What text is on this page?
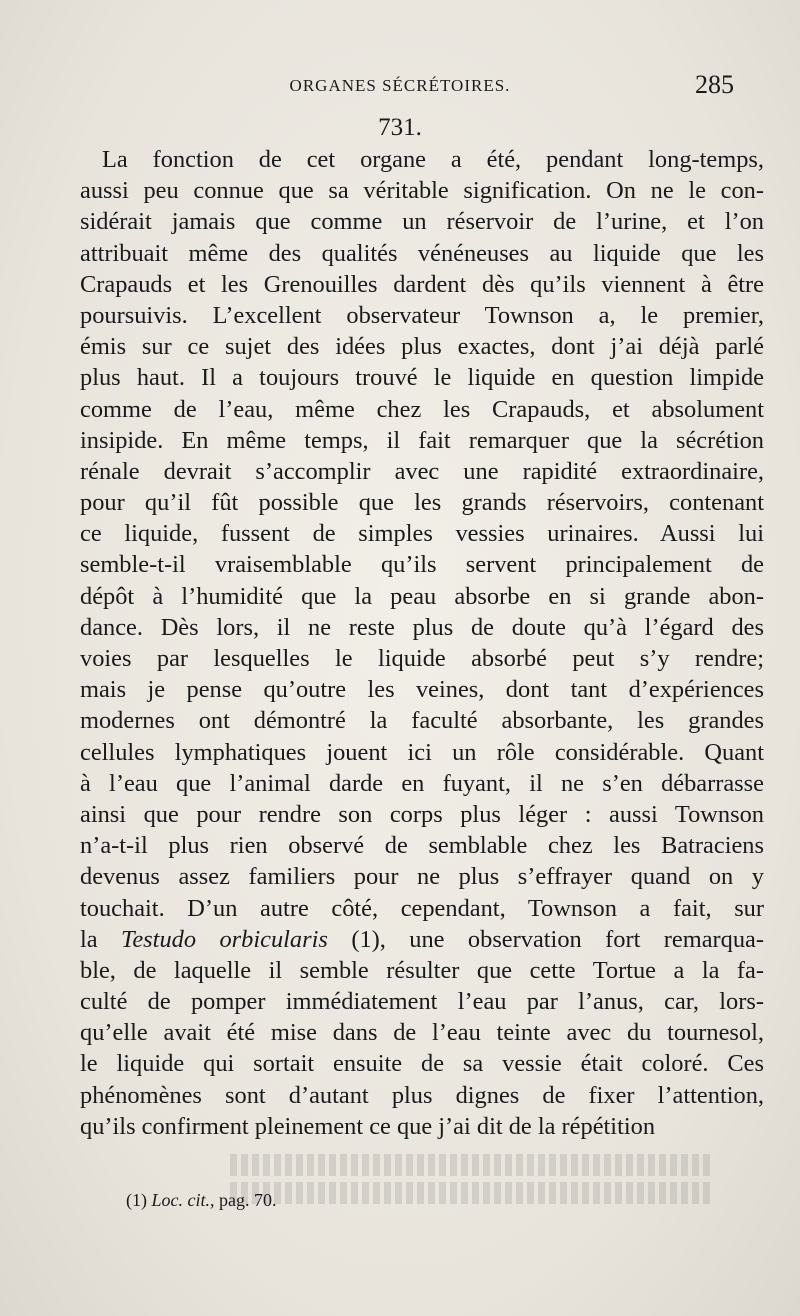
ORGANES SÉCRÉTOIRES.	285
731.
La fonction de cet organe a été, pendant long-temps,
aussi peu connue que sa véritable signification. On ne le con-
sidérait jamais que comme un réservoir de l’urine, et l’on
attribuait même des qualités vénéneuses au liquide que les
Crapauds et les Grenouilles dardent dès qu’ils viennent à être
poursuivis. L’excellent observateur Townson a, le premier,
émis sur ce sujet des idées plus exactes, dont j’ai déjà parlé
plus haut. Il a toujours trouvé le liquide en question limpide
comme de l’eau, même chez les Crapauds, et absolument
insipide. En même temps, il fait remarquer que la sécrétion
rénale devrait s’accomplir avec une rapidité extraordinaire,
pour qu’il fût possible que les grands réservoirs, contenant
ce liquide, fussent de simples vessies urinaires. Aussi lui
semble-t-il vraisemblable qu’ils servent principalement de
dépôt à l’humidité que la peau absorbe en si grande abon-
dance. Dès lors, il ne reste plus de doute qu’à l’égard des
voies par lesquelles le liquide absorbé peut s’y rendre;
mais je pense qu’outre les veines, dont tant d’expériences
modernes ont démontré la faculté absorbante, les grandes
cellules lymphatiques jouent ici un rôle considérable. Quant
à l’eau que l’animal darde en fuyant, il ne s’en débarrasse
ainsi que pour rendre son corps plus léger : aussi Townson
n’a-t-il plus rien observé de semblable chez les Batraciens
devenus assez familiers pour ne plus s’effrayer quand on y
touchait. D’un autre côté, cependant, Townson a fait, sur
la Testudo orbicularis (1), une observation fort remarqua-
ble, de laquelle il semble résulter que cette Tortue a la fa-
culté de pomper immédiatement l’eau par l’anus, car, lors-
qu’elle avait été mise dans de l’eau teinte avec du tournesol,
le liquide qui sortait ensuite de sa vessie était coloré. Ces
phénomènes sont d’autant plus dignes de fixer l’attention,
qu’ils confirment pleinement ce que j’ai dit de la répétition
(1) Loc. cit., pag. 70.
